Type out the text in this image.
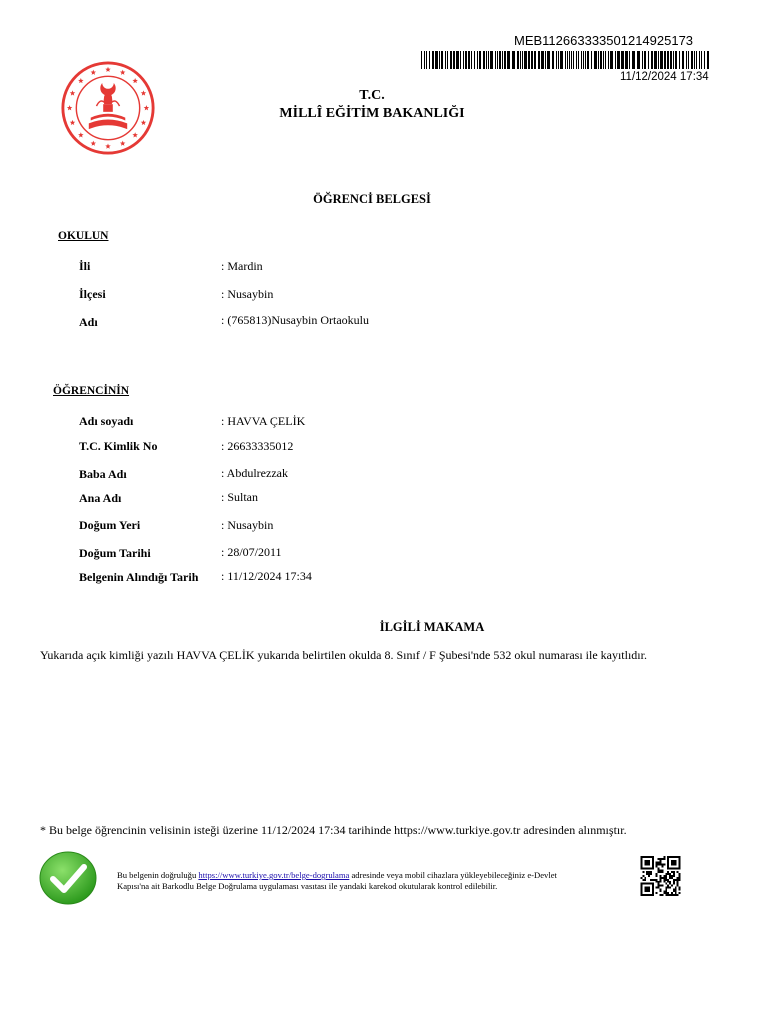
MEB11266333350121492517​3
11/12/2024 17:34
T.C.
MİLLÎ EĞİTİM BAKANLIĞI
ÖĞRENCİ BELGESİ
OKULUN
İli	: Mardin
İlçesi	: Nusaybin
Adı	: (765813)Nusaybin Ortaokulu
ÖĞRENCİNİN
Adı soyadı	: HAVVA ÇELİK
T.C. Kimlik No	: 26633335012
Baba Adı	: Abdulrezzak
Ana Adı	: Sultan
Doğum Yeri	: Nusaybin
Doğum Tarihi	: 28/07/2011
Belgenin Alındığı Tarih : 11/12/2024 17:34
İLGİLİ MAKAMA
Yukarıda açık kimliği yazılı HAVVA ÇELİK yukarıda belirtilen okulda 8. Sınıf / F Şubesi'nde 532 okul numarası ile kayıtlıdır.
* Bu belge öğrencinin velisinin isteği üzerine 11/12/2024 17:34 tarihinde https://www.turkiye.gov.tr adresinden alınmıştır.
Bu belgenin doğruluğu https://www.turkiye.gov.tr/belge-dogrulama adresinde veya mobil cihazlara yükleyebileceğiniz e-Devlet Kapısı'na ait Barkodlu Belge Doğrulama uygulaması vasıtası ile yandaki karekod okutularak kontrol edilebilir.
